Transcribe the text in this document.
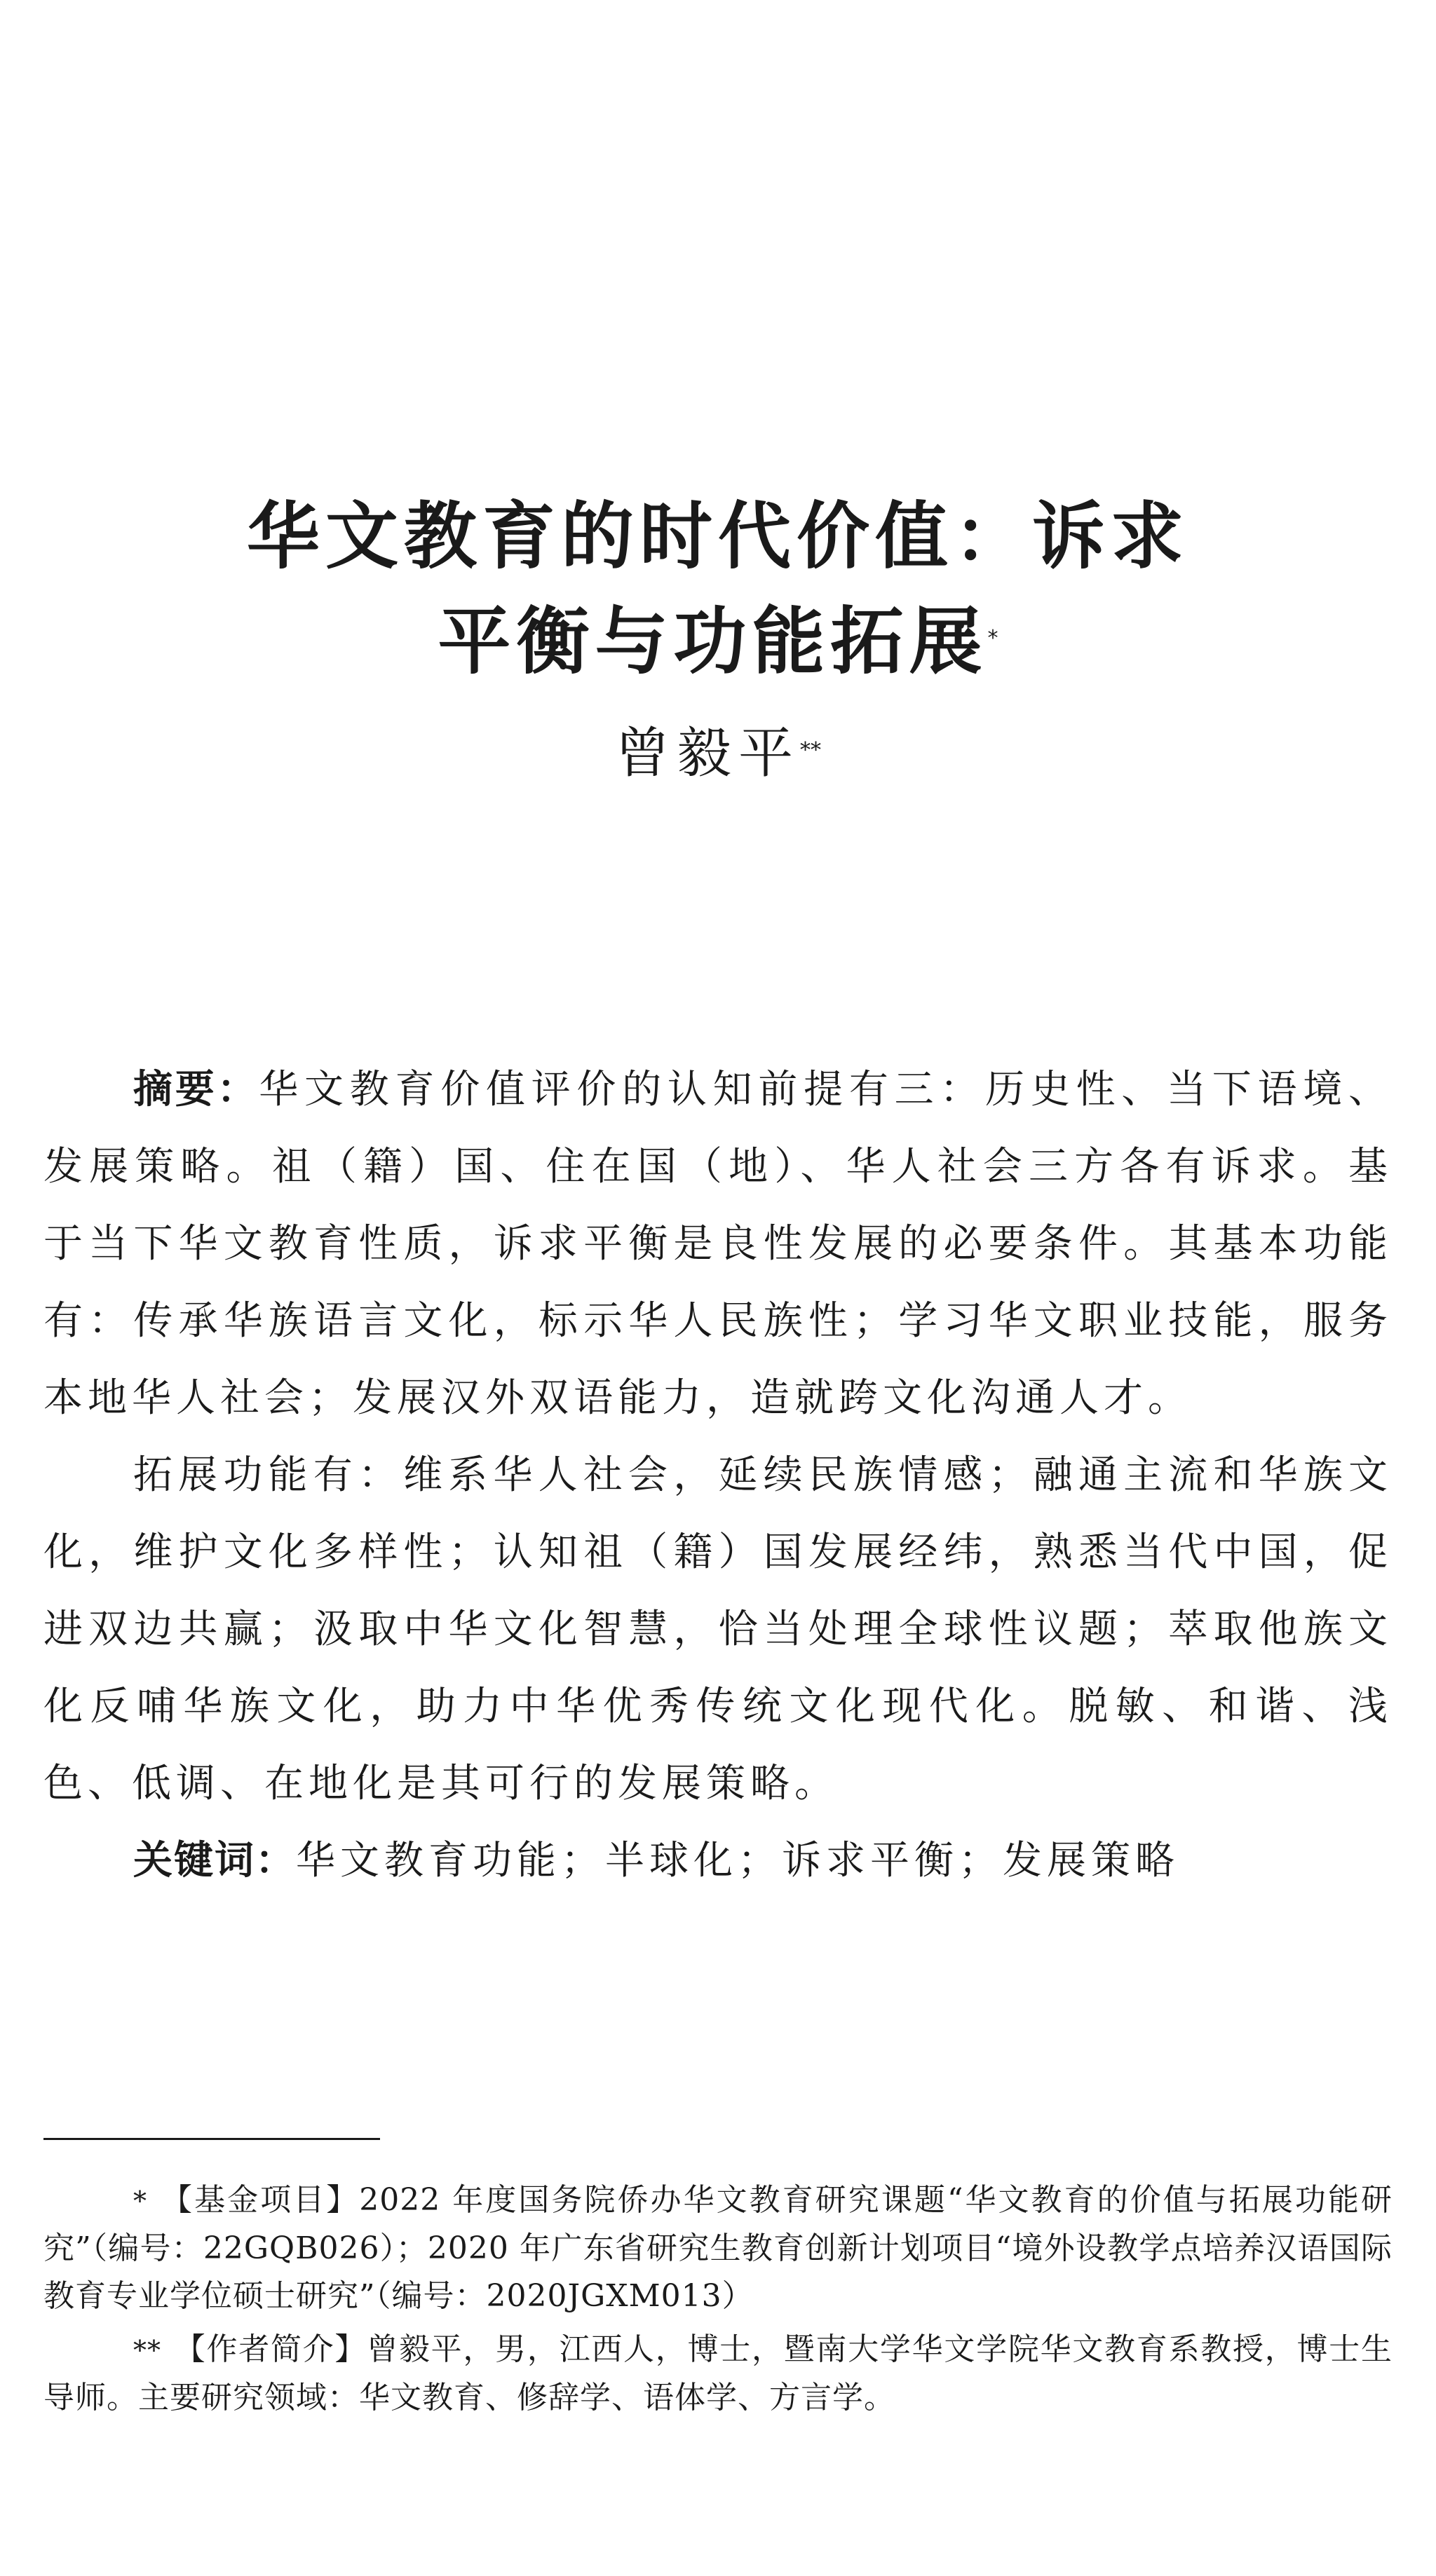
华文教育的时代价值：诉求
平衡与功能拓展*
曾毅平**

摘要：华文教育价值评价的认知前提有三：历史性、当下语境、发展策略。祖（籍）国、住在国（地）、华人社会三方各有诉求。基于当下华文教育性质，诉求平衡是良性发展的必要条件。其基本功能有：传承华族语言文化，标示华人民族性；学习华文职业技能，服务本地华人社会；发展汉外双语能力，造就跨文化沟通人才。

拓展功能有：维系华人社会，延续民族情感；融通主流和华族文化，维护文化多样性；认知祖（籍）国发展经纬，熟悉当代中国，促进双边共赢；汲取中华文化智慧，恰当处理全球性议题；萃取他族文化反哺华族文化，助力中华优秀传统文化现代化。脱敏、和谐、浅色、低调、在地化是其可行的发展策略。

关键词：华文教育功能；半球化；诉求平衡；发展策略

* 【基金项目】2022 年度国务院侨办华文教育研究课题“华文教育的价值与拓展功能研究”（编号：22GQB026）；2020 年广东省研究生教育创新计划项目“境外设教学点培养汉语国际教育专业学位硕士研究”（编号：2020JGXM013）

** 【作者简介】曾毅平，男，江西人，博士，暨南大学华文学院华文教育系教授，博士生导师。主要研究领域：华文教育、修辞学、语体学、方言学。
